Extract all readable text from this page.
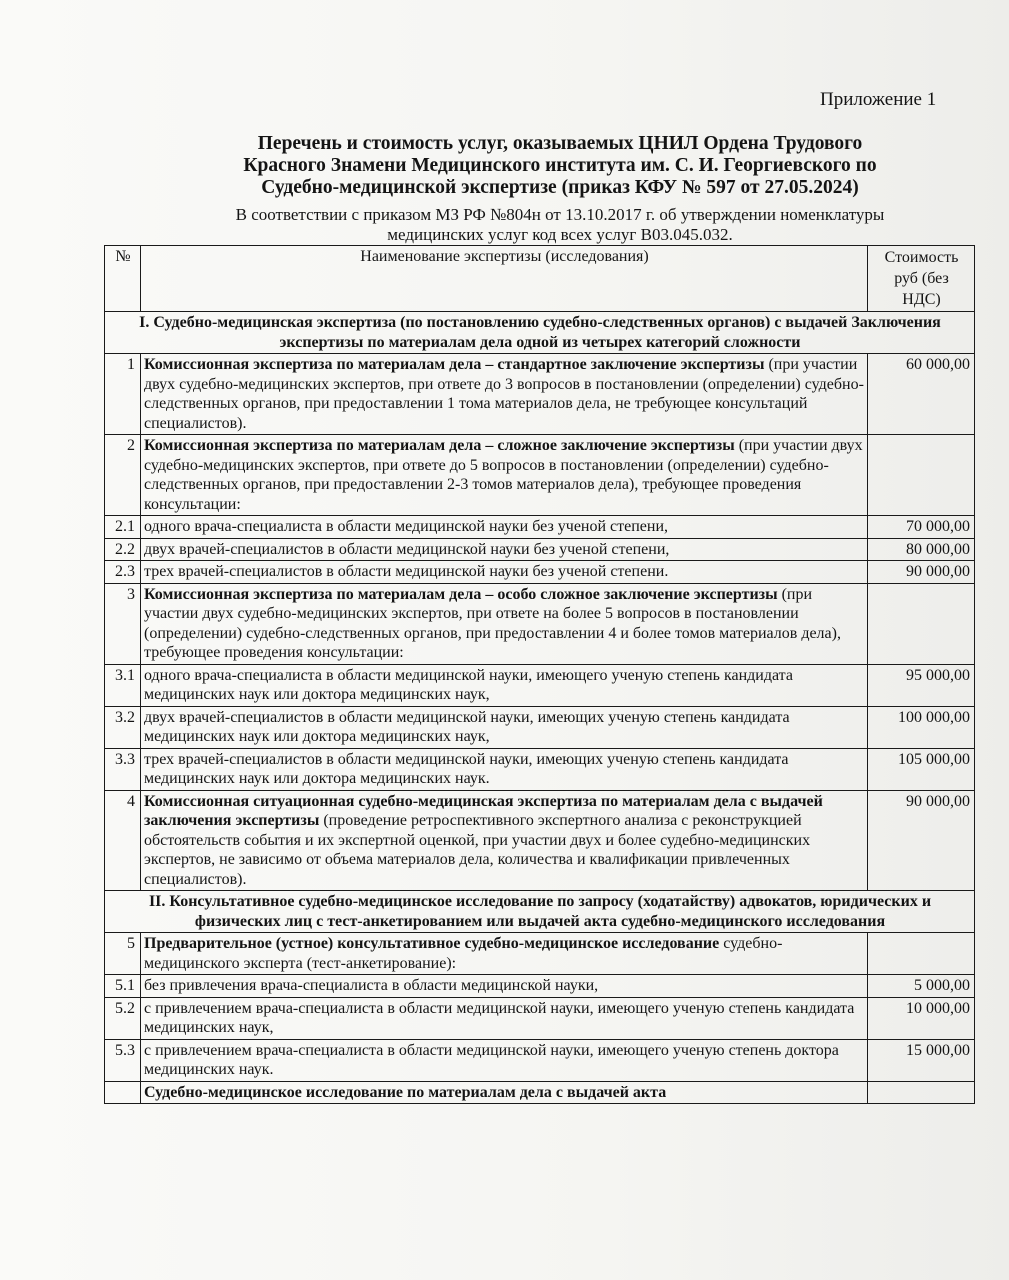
Приложение 1
Перечень и стоимость услуг, оказываемых ЦНИЛ Ордена Трудового
Красного Знамени Медицинского института им. С. И. Георгиевского по
Судебно-медицинской экспертизе (приказ КФУ № 597 от 27.05.2024)
В соответствии с приказом МЗ РФ №804н от 13.10.2017 г. об утверждении номенклатуры
медицинских услуг код всех услуг В03.045.032.
№	Наименование экспертизы (исследования)	Стоимость
руб (без
НДС)

I. Судебно-медицинская экспертиза (по постановлению судебно-следственных органов) с выдачей Заключения экспертизы по материалам дела одной из четырех категорий сложности		
1	Комиссионная экспертиза по материалам дела – стандартное заключение экспертизы (при участии двух судебно-медицинских экспертов, при ответе до 3 вопросов в постановлении (определении) судебно-следственных органов, при предоставлении 1 тома материалов дела, не требующее консультаций специалистов).	60 000,00
2	Комиссионная экспертиза по материалам дела – сложное заключение экспертизы (при участии двух судебно-медицинских экспертов, при ответе до 5 вопросов в постановлении (определении) судебно-следственных органов, при предоставлении 2-3 томов материалов дела), требующее проведения консультации:	
2.1	одного врача-специалиста в области медицинской науки без ученой степени,	70 000,00
2.2	двух врачей-специалистов в области медицинской науки без ученой степени,	80 000,00
2.3	трех врачей-специалистов в области медицинской науки без ученой степени.	90 000,00
3	Комиссионная экспертиза по материалам дела – особо сложное заключение экспертизы (при участии двух судебно-медицинских экспертов, при ответе на более 5 вопросов в постановлении (определении) судебно-следственных органов, при предоставлении 4 и более томов материалов дела), требующее проведения консультации:	
3.1	одного врача-специалиста в области медицинской науки, имеющего ученую степень кандидата медицинских наук или доктора медицинских наук,	95 000,00
3.2	двух врачей-специалистов в области медицинской науки, имеющих ученую степень кандидата медицинских наук или доктора медицинских наук,	100 000,00
3.3	трех врачей-специалистов в области медицинской науки, имеющих ученую степень кандидата медицинских наук или доктора медицинских наук.	105 000,00
4	Комиссионная ситуационная судебно-медицинская экспертиза по материалам дела с выдачей заключения экспертизы (проведение ретроспективного экспертного анализа с реконструкцией обстоятельств события и их экспертной оценкой, при участии двух и более судебно-медицинских экспертов, не зависимо от объема материалов дела, количества и квалификации привлеченных специалистов).	90 000,00
II. Консультативное судебно-медицинское исследование по запросу (ходатайству) адвокатов, юридических и физических лиц с тест-анкетированием или выдачей акта судебно-медицинского исследования		
5	Предварительное (устное) консультативное судебно-медицинское исследование судебно-медицинского эксперта (тест-анкетирование):	
5.1	без привлечения врача-специалиста в области медицинской науки,	5 000,00
5.2	с привлечением врача-специалиста в области медицинской науки, имеющего ученую степень кандидата медицинских наук,	10 000,00
5.3	с привлечением врача-специалиста в области медицинской науки, имеющего ученую степень доктора медицинских наук.	15 000,00
	Судебно-медицинское исследование по материалам дела с выдачей акта	
